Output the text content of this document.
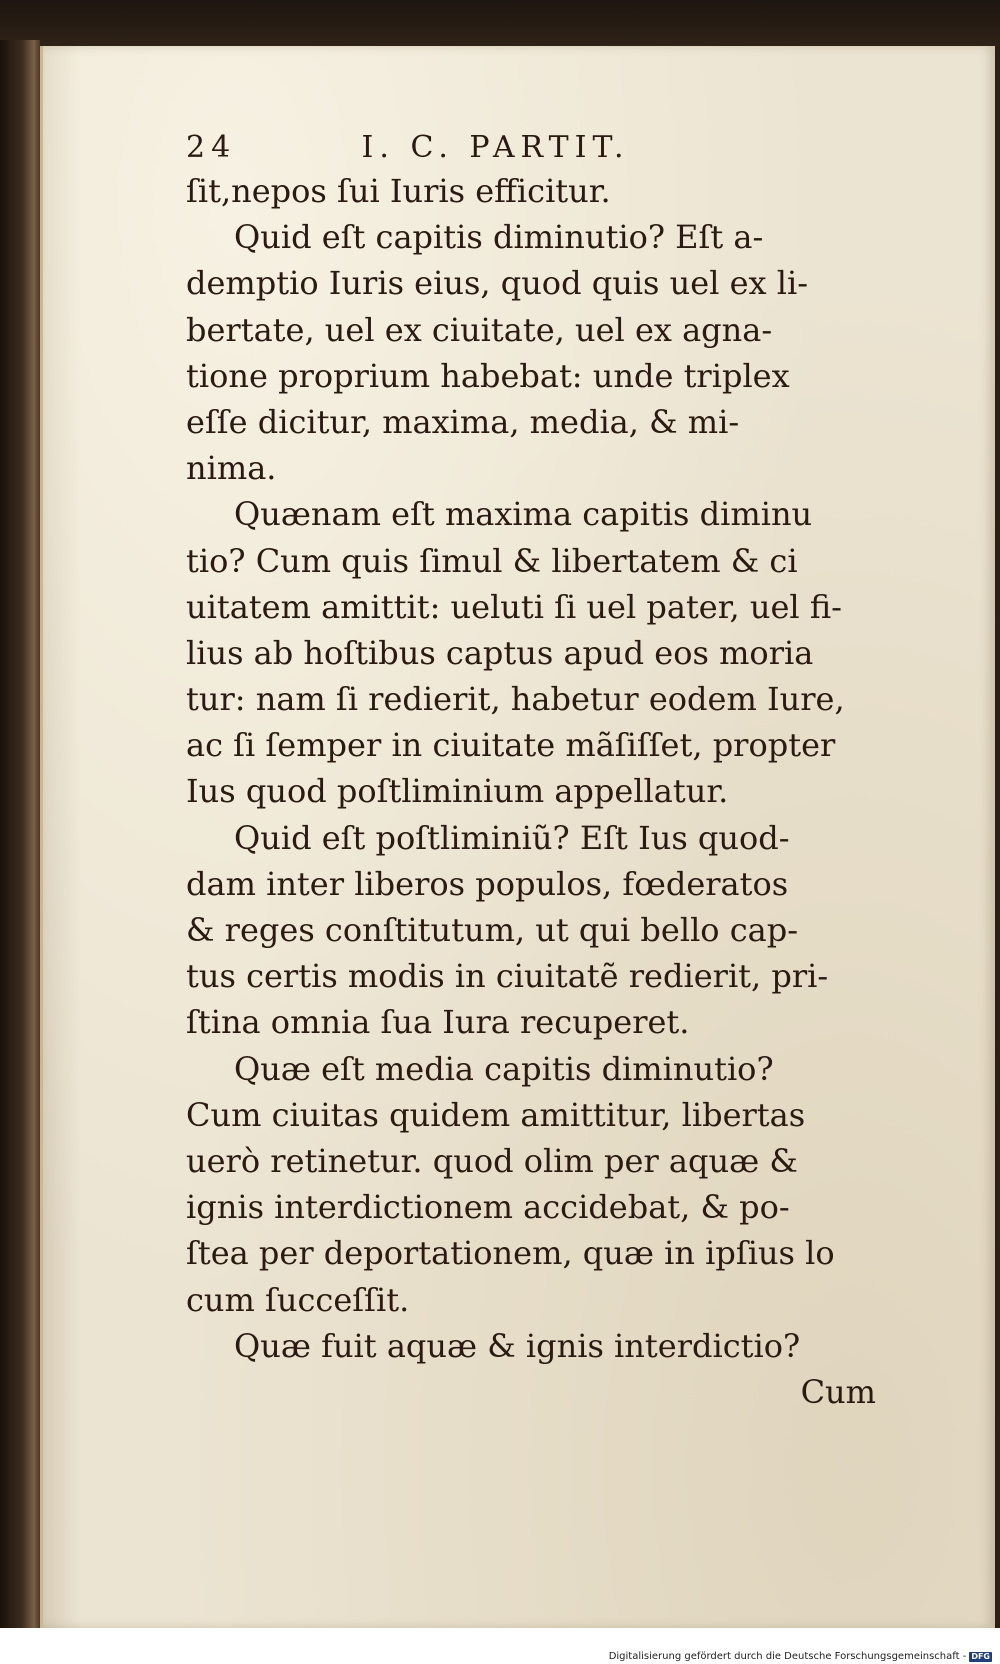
24	I. C. PARTIT.
ſit,nepos ſui Iuris efficitur.
Quid eſt capitis diminutio? Eſt a-
demptio Iuris eius, quod quis uel ex li-
bertate, uel ex ciuitate, uel ex agna-
tione proprium habebat: unde triplex
eſſe dicitur, maxima, media, & mi-
nima.
Quænam eſt maxima capitis diminu
tio? Cum quis ſimul & libertatem & ci
uitatem amittit: ueluti ſi uel pater, uel fi-
lius ab hoſtibus captus apud eos moria
tur: nam ſi redierit, habetur eodem Iure,
ac ſi ſemper in ciuitate mãſiſſet, propter
Ius quod poſtliminium appellatur.
Quid eſt poſtliminiũ? Eſt Ius quod-
dam inter liberos populos, fœderatos
& reges conſtitutum, ut qui bello cap-
tus certis modis in ciuitatẽ redierit, pri-
ſtina omnia ſua Iura recuperet.
Quæ eſt media capitis diminutio?
Cum ciuitas quidem amittitur, libertas
uerò retinetur. quod olim per aquæ &
ignis interdictionem accidebat, & po-
ſtea per deportationem, quæ in ipſius lo
cum ſucceſſit.
Quæ fuit aquæ & ignis interdictio?
Cum
Digitalisierung gefördert durch die Deutsche Forschungsgemeinschaft - DFG
